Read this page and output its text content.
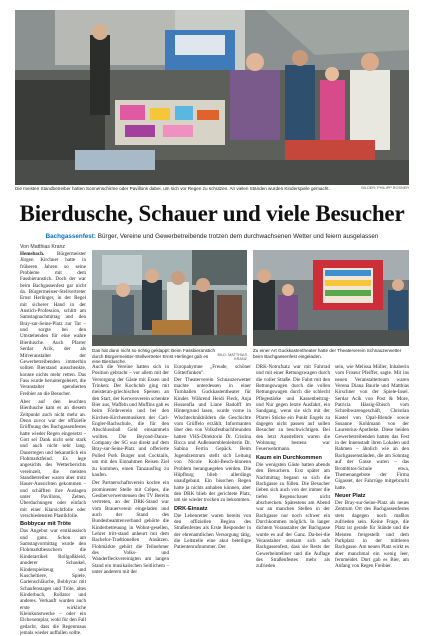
Die meisten Standbetreiber hatten Sonnenschirme oder Pavillons dabei, um sich vor Regen zu schützen. An vielen Ständen wurden Kinderspiele gemacht.	BILDER: PHILIPP ROSNER
Bierdusche, Schauer und viele Besucher
Bachgassenfest: Bürger, Vereine und Gewerbetreibende trotzen dem durchwachsenen Wetter und feiern ausgelassen
Von Matthias Kranz
Das hat dann nicht so richtig geklappt: Beim Fassbieranstich durch Bürgermeister-Stellvertreter Ernst Herlinger gab es eine Bierdusche.
BILD: MATTHIAS KRANZ
Zu einer Art Guckkastentheater hatte der Theaterverein Schnauzerwetter beim Bachgassenfest eingeladen.

Hemsbach.	Bürgermeister Jürgen Kirchner hatte in früheren Jahren so seine Probleme mit dem Fassbieranstich. Doch der war beim Bachgassenfest gar nicht da. Bürgermeister-Stellvertreter Ernst Herlinger, in der Regel mit sicherer Hand in der Anstich-Profession, schlitt am Samstagnachmittag und den Bray-sur-Seine-Platz zur Tat – und sorgte bei den Umstehenden für eine wahre Bierdusche. Auch Pfarrer Serdar Acik, der als Mitveranstalter der Gewerbetreibenden immerhin sollten Bierstand ausschenkte, konnte nichts mehr retten. Das Fass wurde heruntergeleiert, die Veranstalter spendierten Freibier an die Besucher.

Aber auf den leuchten Bierdusche kam es an diesem Zeitpunkt auch nicht mehr an. Denn zuvor war der offizielle Eröffnung des Bachgassenfestes hatte wieder Regen eingesetzt – Gott sei Dank nicht sehr stark und auch nicht sehr lang. Dauerregen und bekanntlich ein Flohmarktfeind. Es lege angesichts des Wetterberichts vereinzelt, die meisten Standbetreiber waren aber trotz Hauer-Aussichten gekommen – und schäfften ihre Auslagen unter Pavillons, Zelten, Überdachungen oder einfach mit einer Klarsichtfolie oder verschiedensten Plastikfolie.

Bobbycar mit Tröte

Das Angebot war erstklassisch und ganz. Schon am Samstagvormittag wurde den Flohmarktbesuchern die Kinderartikel: Rollgoßkleid, anoderer Schaukel, Kinderspielzeug und Kuscheltiere, Spiele, Gartenschläuche, Bobbycar mit Schaufenstages und Tröte, altes Kinderbuch, Rollator und anderes. Verkauft wurden auch erste wirkliche Kleinkunstwerke – oder ein Elchexemplar, wohl für den Fall gedacht, dass die Regenmaus jemals wieder auffallen sollte.

Auch die Vereine hatten sich in Position gebracht – vor allem mit der Versorgung der Gäste mit Essen und Trinken: Der Kochclub ging mit meisteran-griechischen Speisen an den Start, der Kerwenverein schenkte Bier aus, Waffeln und Muffins gab es beim Fördeverein und bei den Kirchen-Kirchenmusikern der Carl-Engler-Bachschule, die für den Abschlussball Geld einsammeln wollten. Die Beyond-Dance-Company der SG war direkt auf dem Bray-sur-Seine-Platz und offerierte Pulled Pork Burger und Cocktails, um mit den Einnahmen Reisen Ziel zu kommen, einen Tanzausflug zu kaufen.

Der Partnerschaftsverein kochte ein prominenter Stelle mit Crêpes, die Gesiberverwerstensen des TV Bereits vertreten, an der DRK-Stand war vom Brauerverein eingeladen und auch der Stand des Bundesbeamtenverband gehörte die Kinderbetreuung in Wohnt-gesellen, Lehrer tritt-stand anheurt mit dem Bachelor-Tradtionellen Ansätzen. Flohmärkte gehört die Teilnehmer des Volks- und Wanderfleckvereinigten am langen Stand ein musikalischen Seitlichem – unter anderem mit der

Europahymne „Freude, schöner Götterfunken".

Der Theaterverein Schnauzerwetter machte unterdessen in einer Turnhallen Guckkastentheater für Kinder. Während Heidi Fleck, Anja Hossenfla und Liane Radolff im Hintergrund lasen, wurde vorne in Wischtechnikbildern die Geschichte vom Grüffelo erzählt. Informanten über den von Volksfestbachfreunden hatten VHS-Direktorin Dr. Cristina Bicca und Außensemblenleiterin Dr. Sabina Ferrin Gepäck. Beim Jugendzentrum stellt sich Leitung von Nicole Kohl-Besch-hinnenn Problem heranguegelen werden. Die Hüpfburg blieb allerdings unaufgebaut. Ein bisschen Regen hatte ja nichts anhaben können, aber den DRK blieb der gerichtete Platz, um sie wieder trocken zu bekommen.

DRK-Einsatz

Die Lebenretter waren bereits von den offiziellen Beginn des Straßenfestes als Erste Responder in der ehrenamtlichen Versorgung tätig, die Leitstelle eine akut beteiligte Patientenrufnummer. Der

DRK-Notrufsatz war mit Fahrrad und mit einer Rettungswagen durch die voller Straße. Die Fahrt mit den Rettungswagen durch die vollen Rettungswagen durch die schlecht Pflegestärke und Kassenbeitrag- und Nur gegen letzte Ausfahrt, ein Sandgang, wenn sie sich mit der Pfarrei Stücke ein Punkt Engels zu dagegen nicht passen auf sollen Besucher zu beschwichtigen. Bei den letzt Ausstellern waren die Wohnung bestens war Feuerwehrmann.

Kaum ein Durchkommen

Die wenigsten Gäste hatten abends den Besuchern. Erst später am Nachmittag begann so sich die Bachgasse zu füllen. Die Besucher lieben sich auch von der immer die tiefen Regenschauer nicht abschrecken. Spätestens am Abend war an manchen Stellen in der Bachgasse nur noch schwer ein Durchkommen möglich. In langer dichtem Voranstalter der Bachgasse wurde es auf der Ganz. Da-bei-die Veranstalter stetsam sich aufs Bachgassenfest, dass sie Rests der Gewerbeinteliner und die Auflage des Straßenfestes mehr als zufrieden

sein, wie Melissa Müller, Inhaberin vom Friseur Pfeiffer, sagte. Mit ins neuen Veranstalterteam waren Verena Diana Baurle und Matthias Kirschner von der Spiele-Insel. Serdar Acik von Post & More, Patricia Hässig-Ebisch vom Schreibwarengeschäft, Christian Kastel von Opal-Blende sowie Susanne Kohlmann von der Laurentius-Apotheke. Diese beiden Gewerbetreibenden hatten das Fest in der Innenstadt ihren Lokalen und Rahmen – ähnlich wie an den Bachgassenständen, die am Sonntag auf der Gasse waren – das Brombitos-Schule etwa, Themenangebote der Firma Gigasset, der Fahrrüge mitgebracht hatte.

Neuer Platz

Der Bray-sur-Seine-Platz als neues Zentrum Ort des Bachgassenfestes stets dagegen noch maßlos zufrieden sein. Keine Frage, die Platz ist gerade für Stände und die Meisten freigestellt und dem Parkplatz in der mittleren Bachgasse. Am neuen Platz wirkt es aber manchmal ein wenig leer, fernmeldet. Dort gab es Bier, am Anfang von Regen Freibier.
